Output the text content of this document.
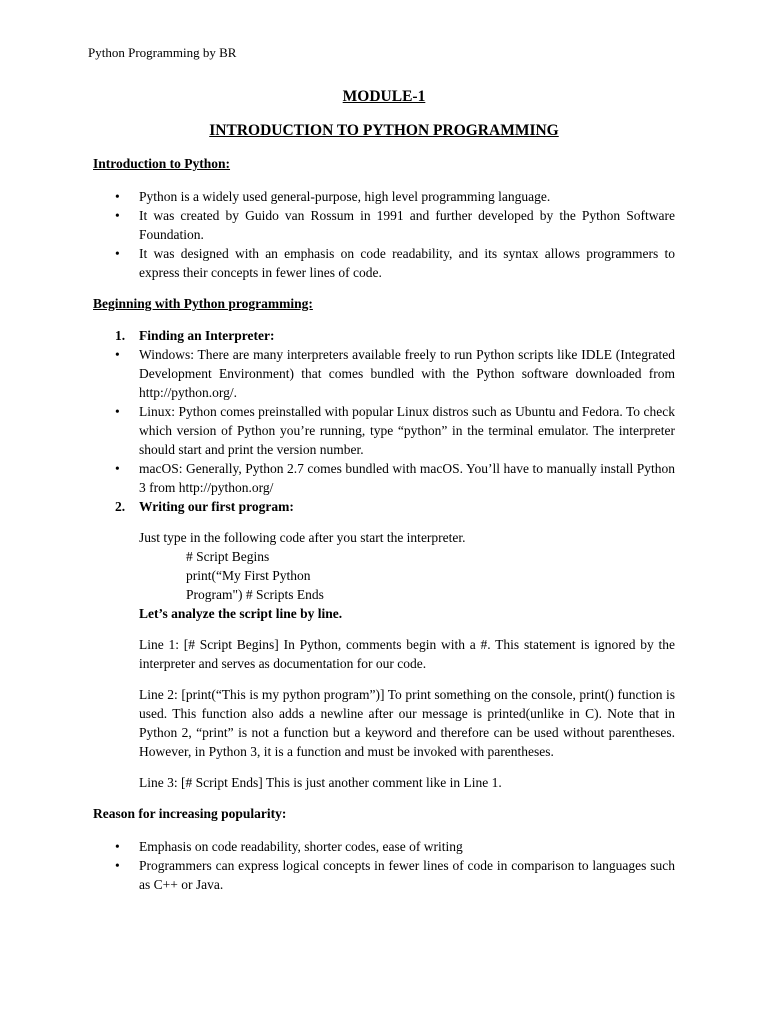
Python Programming by BR
MODULE-1
INTRODUCTION TO PYTHON PROGRAMMING

Introduction to Python:

• Python is a widely used general-purpose, high level programming language.
• It was created by Guido van Rossum in 1991 and further developed by the Python Software Foundation.
• It was designed with an emphasis on code readability, and its syntax allows programmers to express their concepts in fewer lines of code.

Beginning with Python programming:

1. Finding an Interpreter:
• Windows: There are many interpreters available freely to run Python scripts like IDLE (Integrated Development Environment) that comes bundled with the Python software downloaded from http://python.org/.
• Linux: Python comes preinstalled with popular Linux distros such as Ubuntu and Fedora. To check which version of Python you’re running, type “python” in the terminal emulator. The interpreter should start and print the version number.
• macOS: Generally, Python 2.7 comes bundled with macOS. You’ll have to manually install Python 3 from http://python.org/
2. Writing our first program:

Just type in the following code after you start the interpreter.

# Script Begins

print(“My First Python

Program") # Scripts Ends

Let’s analyze the script line by line.

Line 1: [# Script Begins] In Python, comments begin with a #. This statement is ignored by the interpreter and serves as documentation for our code.

Line 2: [print(“This is my python program”)] To print something on the console, print() function is used. This function also adds a newline after our message is printed(unlike in C). Note that in Python 2, “print” is not a function but a keyword and therefore can be used without parentheses. However, in Python 3, it is a function and must be invoked with parentheses.

Line 3: [# Script Ends] This is just another comment like in Line 1.

Reason for increasing popularity:

• Emphasis on code readability, shorter codes, ease of writing
• Programmers can express logical concepts in fewer lines of code in comparison to languages such as C++ or Java.
